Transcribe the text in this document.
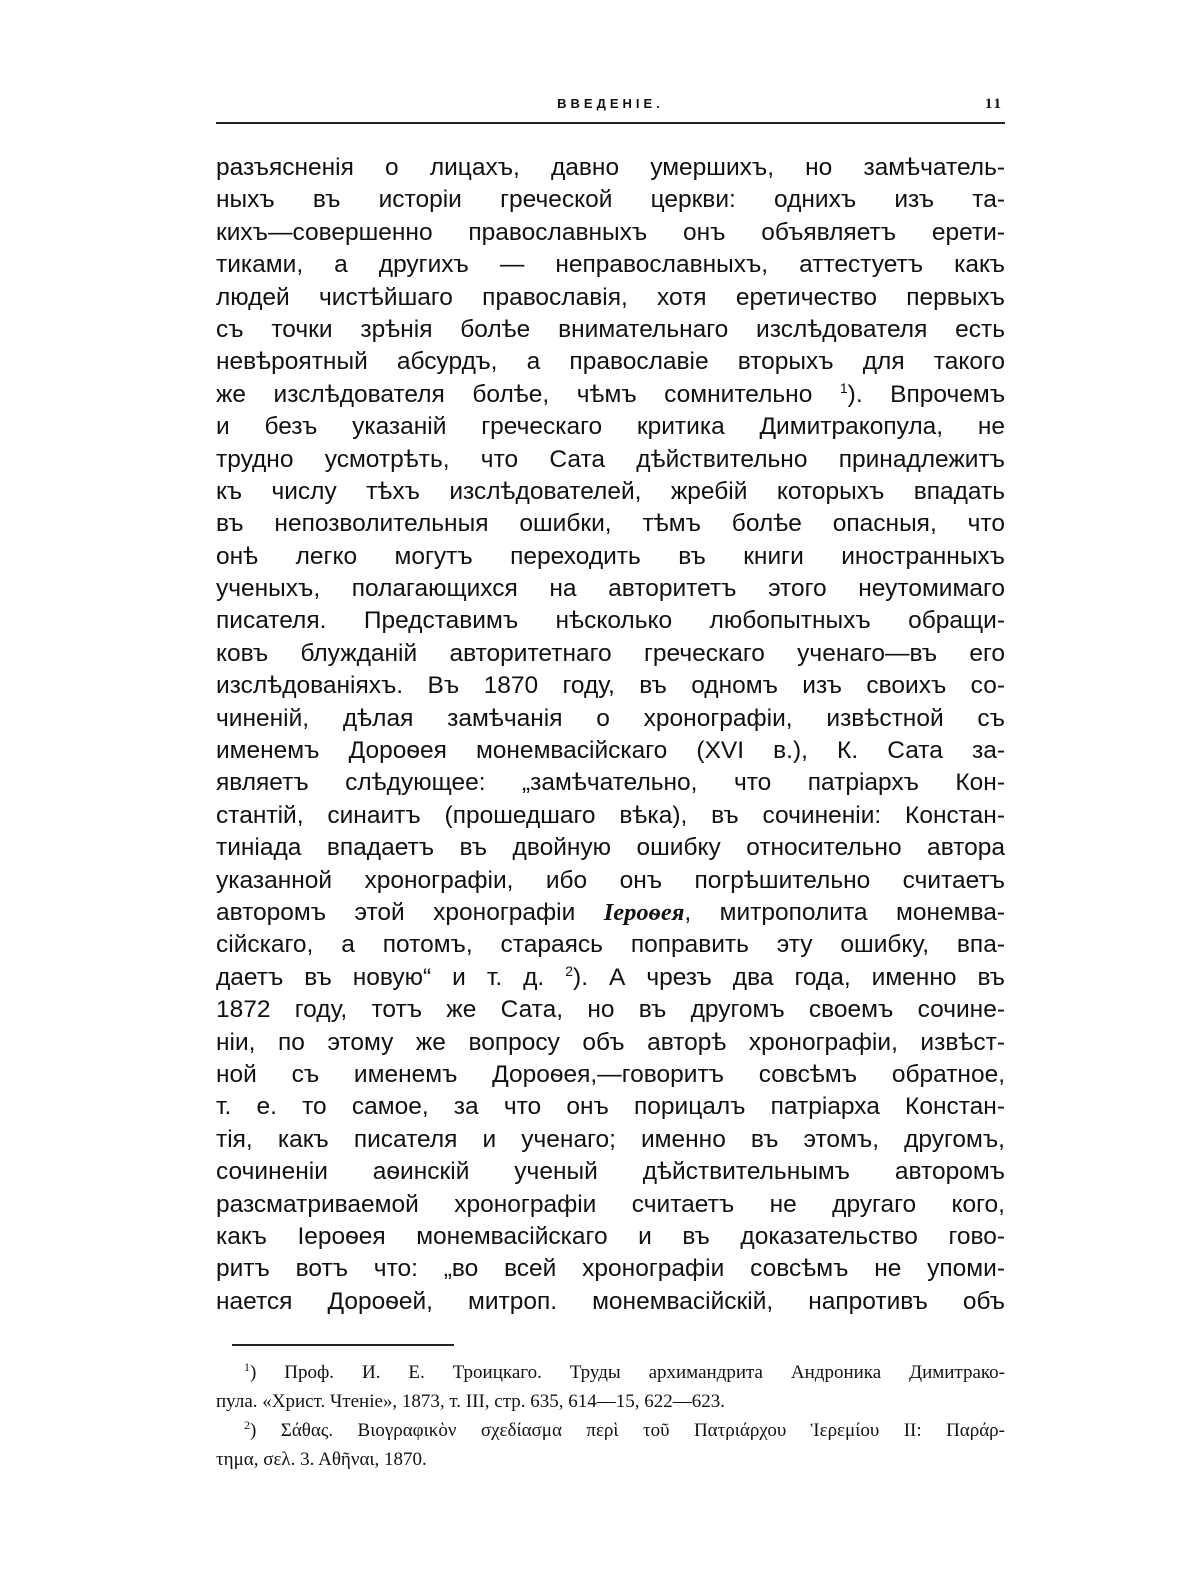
ВВЕДЕНІЕ.	11
разъясненія о лицахъ, давно умершихъ, но замѣчатель-
ныхъ въ исторіи греческой церкви: однихъ изъ та-
кихъ—совершенно православныхъ онъ объявляетъ ерети-
тиками, а другихъ — неправославныхъ, аттестуетъ какъ
людей чистѣйшаго православія, хотя еретичество первыхъ
съ точки зрѣнія болѣе внимательнаго изслѣдователя есть
невѣроятный абсурдъ, а православіе вторыхъ для такого
же изслѣдователя болѣе, чѣмъ сомнительно $^1$). Впрочемъ
и безъ указаній греческаго критика Димитракопула, не
трудно усмотрѣть, что Сата дѣйствительно принадлежитъ
къ числу тѣхъ изслѣдователей, жребій которыхъ впадать
въ непозволительныя ошибки, тѣмъ болѣе опасныя, что
онѣ легко могутъ переходить въ книги иностранныхъ
ученыхъ, полагающихся на авторитетъ этого неутомимаго
писателя. Представимъ нѣсколько любопытныхъ обращи-
ковъ блужданій авторитетнаго греческаго ученаго—въ его
изслѣдованіяхъ. Въ 1870 году, въ одномъ изъ своихъ со-
чиненій, дѣлая замѣчанія о хронографіи, извѣстной съ
именемъ Дороѳея монемвасійскаго (XVI в.), К. Сата за-
являетъ слѣдующее: „замѣчательно, что патріархъ Кон-
стантій, синаитъ (прошедшаго вѣка), въ сочиненіи: Констан-
тиніада впадаетъ въ двойную ошибку относительно автора
указанной хронографіи, ибо онъ погрѣшительно считаетъ
авторомъ этой хронографіи Іероѳея, митрополита монемва-
сійскаго, а потомъ, стараясь поправить эту ошибку, впа-
даетъ въ новую“ и т. д. $^2$). А чрезъ два года, именно въ
1872 году, тотъ же Сата, но въ другомъ своемъ сочине-
ніи, по этому же вопросу объ авторѣ хронографіи, извѣст-
ной съ именемъ Дороѳея,—говоритъ совсѣмъ обратное,
т. е. то самое, за что онъ порицалъ патріарха Констан-
тія, какъ писателя и ученаго; именно въ этомъ, другомъ,
сочиненіи аѳинскій ученый дѣйствительнымъ авторомъ
разсматриваемой хронографіи считаетъ не другаго кого,
какъ Іероѳея монемвасійскаго и въ доказательство гово-
ритъ вотъ что: „во всей хронографіи совсѣмъ не упоми-
нается Дороѳей, митроп. монемвасійскій, напротивъ объ
$^1$) Проф. И. Е. Троицкаго. Труды архимандрита Андроника Димитрако-
пула. «Христ. Чтеніе», 1873, т. III, стр. 635, 614—15, 622—623.
$^2$) Σάθας. Βιογραφικὸν σχεδίασμα περὶ τοῦ Πατριάρχου Ἱερεμίου II: Παράρ-
τημα, σελ. 3. Αθῆναι, 1870.
